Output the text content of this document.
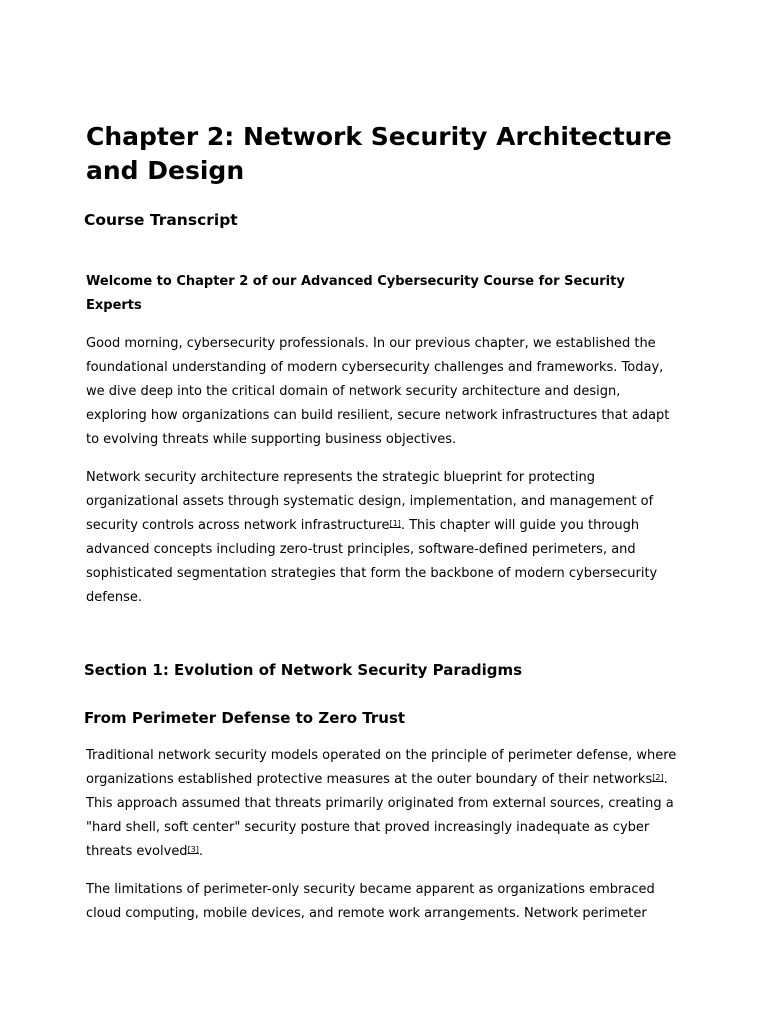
Chapter 2: Network Security Architecture and Design
Course Transcript

Welcome to Chapter 2 of our Advanced Cybersecurity Course for Security Experts

Good morning, cybersecurity professionals. In our previous chapter, we established the foundational understanding of modern cybersecurity challenges and frameworks. Today, we dive deep into the critical domain of network security architecture and design, exploring how organizations can build resilient, secure network infrastructures that adapt to evolving threats while supporting business objectives.

Network security architecture represents the strategic blueprint for protecting organizational assets through systematic design, implementation, and management of security controls across network infrastructure[1]. This chapter will guide you through advanced concepts including zero-trust principles, software-defined perimeters, and sophisticated segmentation strategies that form the backbone of modern cybersecurity defense.

Section 1: Evolution of Network Security Paradigms
From Perimeter Defense to Zero Trust

Traditional network security models operated on the principle of perimeter defense, where organizations established protective measures at the outer boundary of their networks[2]. This approach assumed that threats primarily originated from external sources, creating a "hard shell, soft center" security posture that proved increasingly inadequate as cyber threats evolved[3].

The limitations of perimeter-only security became apparent as organizations embraced cloud computing, mobile devices, and remote work arrangements. Network perimeter
